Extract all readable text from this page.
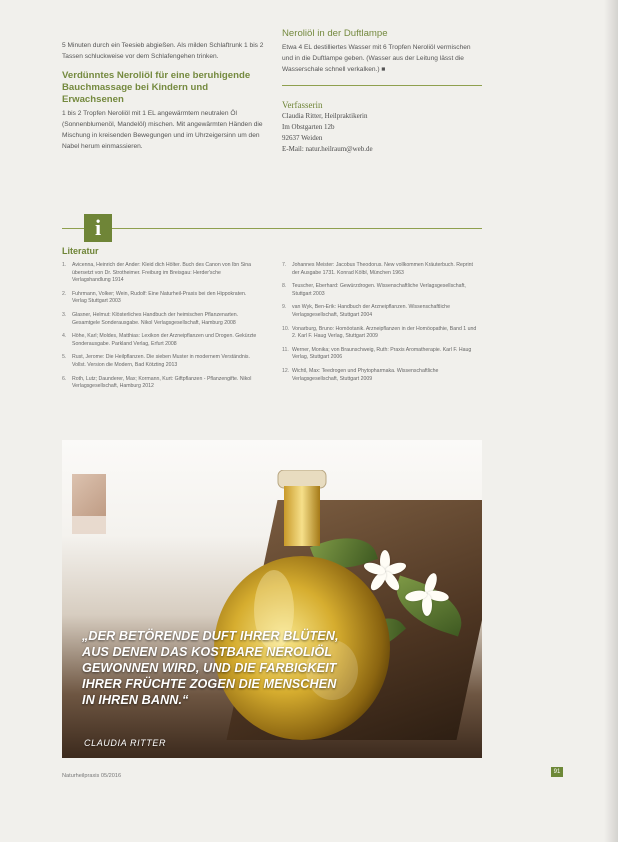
5 Minuten durch ein Teesieb abgießen. Als milden Schlaftrunk 1 bis 2 Tassen schluckweise vor dem Schlafengehen trinken.

Verdünntes Neroliöl für eine beruhigende Bauchmassage bei Kindern und Erwachsenen

1 bis 2 Tropfen Neroliöl mit 1 EL angewärmtem neutralen Öl (Sonnenblumenöl, Mandelöl) mischen. Mit angewärmten Händen die Mischung in kreisenden Bewegungen und im Uhrzeigersinn um den Nabel herum einmassieren.

Neroliöl in der Duftlampe

Etwa 4 EL destilliertes Wasser mit 6 Tropfen Neroliöl vermischen und in die Duftlampe geben. (Wasser aus der Leitung lässt die Wasserschale schnell verkalken.) ■

Verfasserin
Claudia Ritter, Heilpraktikerin
Im Obstgarten 12b
92637 Weiden
E-Mail: natur.heilraum@web.de
i
Literatur
1.	Avicenna, Heinrich der Ander: Kleid dich Hölter. Buch des Canon von Ibn Sina übersetzt von Dr. Strotheimer. Freiburg im Breisgau: Herder'sche Verlagshandlung 1914
2.	Fuhrmann, Volker; Wein, Rudolf: Eine Naturheil-Praxis bei den Hippokraten. Verlag Stuttgart 2003
3.	Glasner, Helmut: Klösterliches Handbuch der heimischen Pflanzenarten. Gesamtgele Sonderausgabe. Nikol Verlagsgesellschaft, Hamburg 2008
4.	Höhe, Karl; Moldes, Matthias: Lexikon der Arzneipflanzen und Drogen. Gekürzte Sonderausgabe. Parkland Verlag, Erfurt 2008
5.	Rust, Jerome: Die Heilpflanzen. Die sieben Muster in modernem Verständnis. Vollst. Version die Modern, Bad Kötzting 2013
6.	Roth, Lutz; Daunderer, Max; Kormann, Kurt: Giftpflanzen - Pflanzengifte. Nikol Verlagsgesellschaft, Hamburg 2012
7.	Johannes Meister: Jacobus Theodorus. New vollkommen Kräuterbuch. Reprint der Ausgabe 1731. Konrad Kölbl, München 1963
8.	Teuscher, Eberhard: Gewürzdrogen. Wissenschaftliche Verlagsgesellschaft, Stuttgart 2003
9.	van Wyk, Ben-Erik: Handbuch der Arzneipflanzen. Wissenschaftliche Verlagsgesellschaft, Stuttgart 2004
10. Vonarburg, Bruno: Homöotanik. Arzneipflanzen in der Homöopathie, Band 1 und 2. Karl F. Haug Verlag, Stuttgart 2009
11. Werner, Monika; von Braunschweig, Ruth: Praxis Aromatherapie. Karl F. Haug Verlag, Stuttgart 2006
12. Wichtl, Max: Teedrogen und Phytopharmaka. Wissenschaftliche Verlagsgesellschaft, Stuttgart 2009
„DER BETÖRENDE DUFT IHRER BLÜTEN,
AUS DENEN DAS KOSTBARE NEROLIÖL
GEWONNEN WIRD, UND DIE FARBIGKEIT
IHRER FRÜCHTE ZOGEN DIE MENSCHEN
IN IHREN BANN.“
CLAUDIA RITTER
Naturheilpraxis 05/2016
91
